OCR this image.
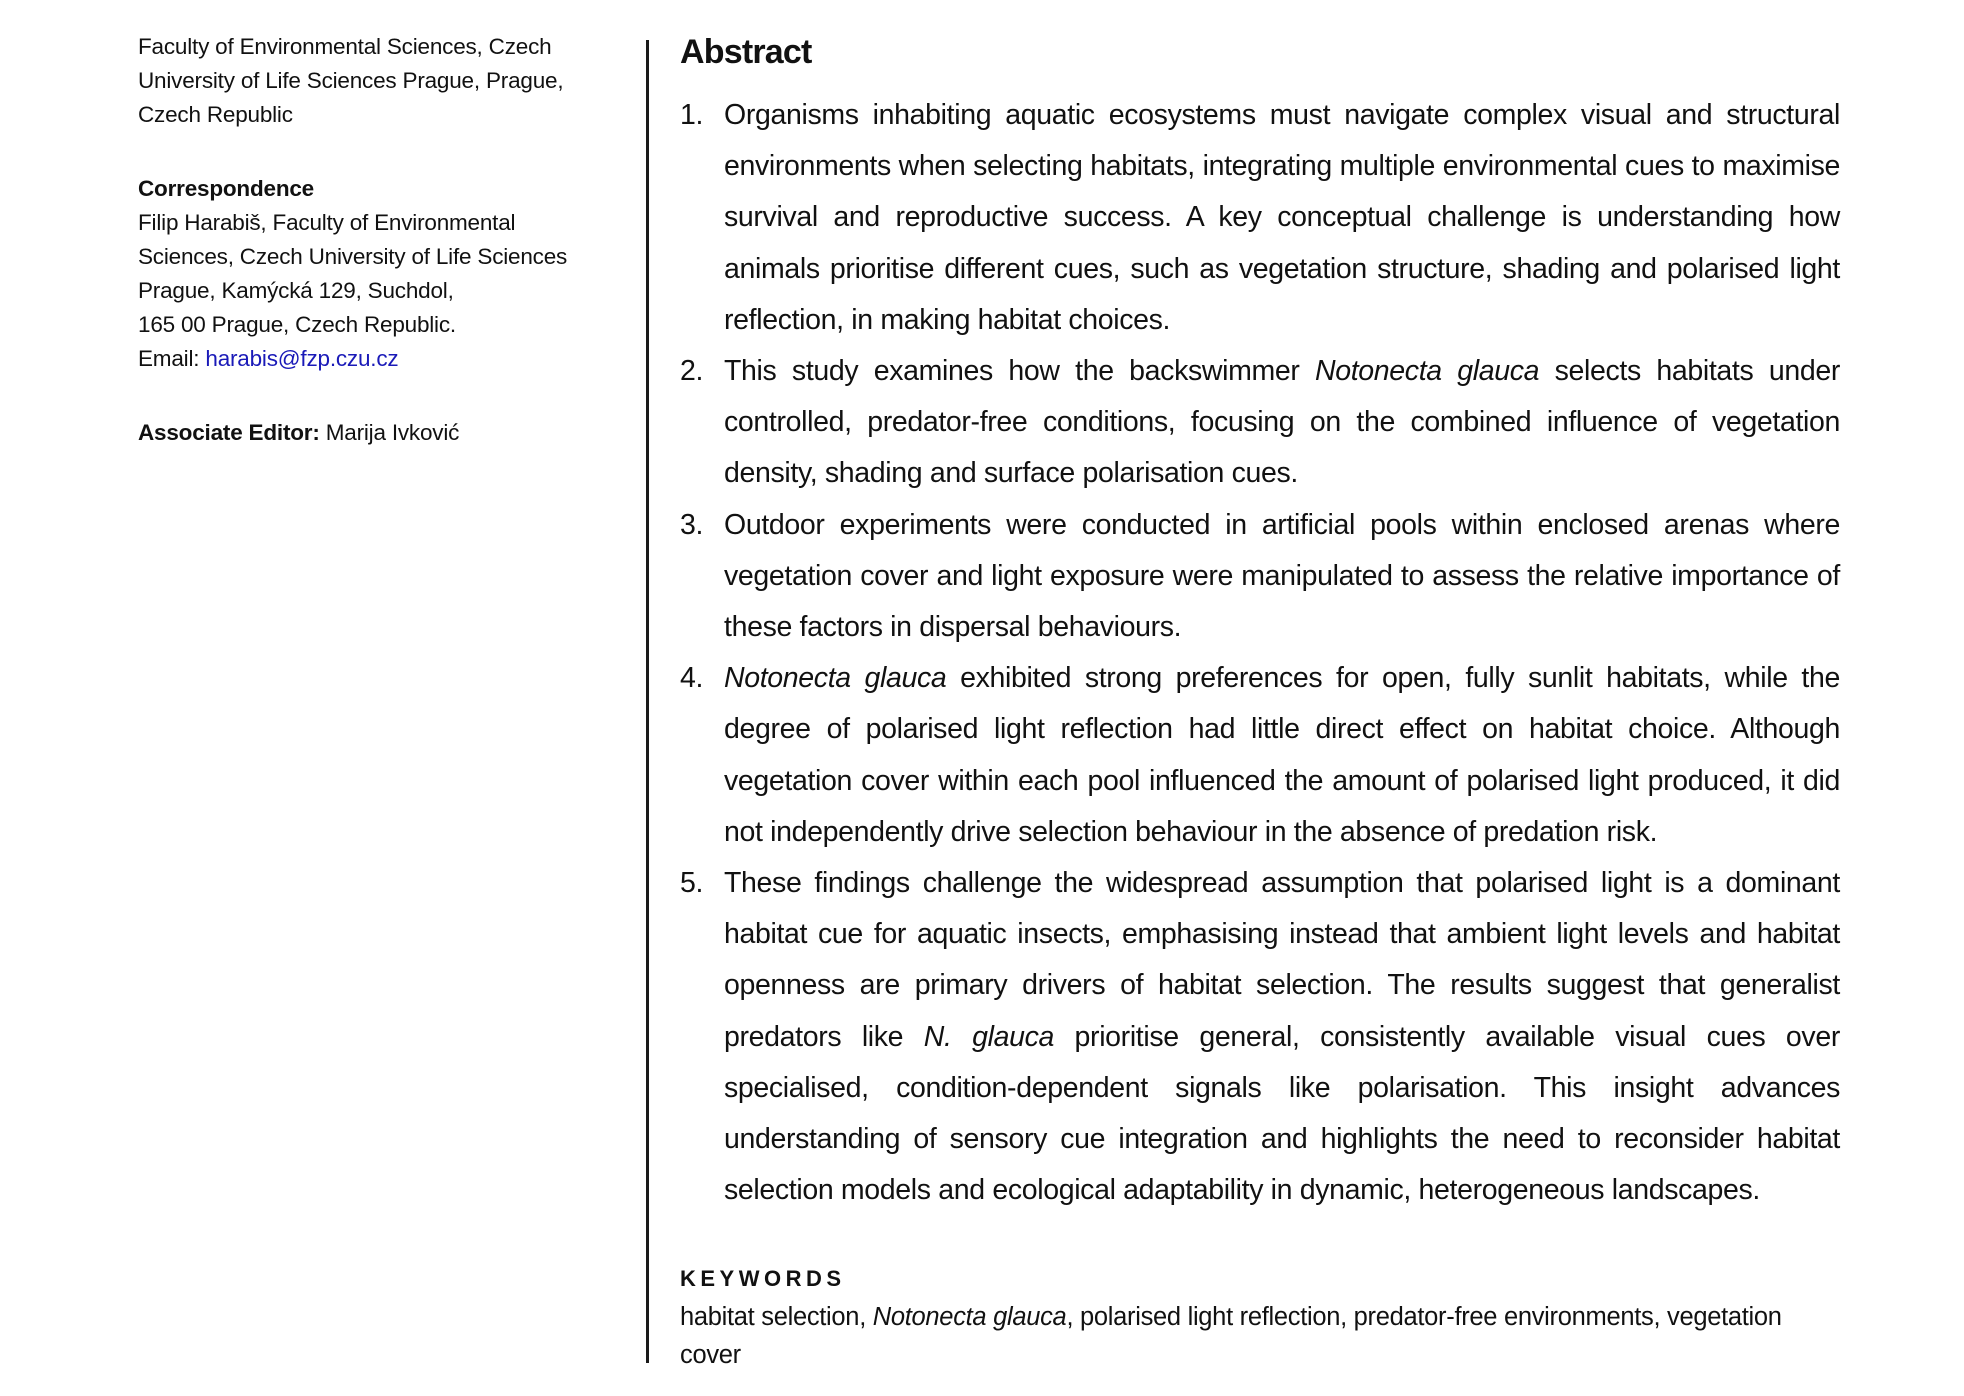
Faculty of Environmental Sciences, Czech University of Life Sciences Prague, Prague, Czech Republic

Correspondence

Filip Harabiš, Faculty of Environmental

Sciences, Czech University of Life Sciences

Prague, Kamýcká 129, Suchdol,

165 00 Prague, Czech Republic.

Email: harabis@fzp.czu.cz

Associate Editor: Marija Ivković

Abstract
1. Organisms inhabiting aquatic ecosystems must navigate complex visual and structural environments when selecting habitats, integrating multiple environmental cues to maximise survival and reproductive success. A key conceptual challenge is understanding how animals prioritise different cues, such as vegetation structure, shading and polarised light reflection, in making habitat choices.
2. This study examines how the backswimmer Notonecta glauca selects habitats under controlled, predator-free conditions, focusing on the combined influence of vegetation density, shading and surface polarisation cues.
3. Outdoor experiments were conducted in artificial pools within enclosed arenas where vegetation cover and light exposure were manipulated to assess the relative importance of these factors in dispersal behaviours.
4. Notonecta glauca exhibited strong preferences for open, fully sunlit habitats, while the degree of polarised light reflection had little direct effect on habitat choice. Although vegetation cover within each pool influenced the amount of polarised light produced, it did not independently drive selection behaviour in the absence of predation risk.
5. These findings challenge the widespread assumption that polarised light is a dominant habitat cue for aquatic insects, emphasising instead that ambient light levels and habitat openness are primary drivers of habitat selection. The results suggest that generalist predators like N. glauca prioritise general, consistently available visual cues over specialised, condition-dependent signals like polarisation. This insight advances understanding of sensory cue integration and highlights the need to reconsider habitat selection models and ecological adaptability in dynamic, heterogeneous landscapes.
KEYWORDS
habitat selection, Notonecta glauca, polarised light reflection, predator-free environments, vegetation cover
